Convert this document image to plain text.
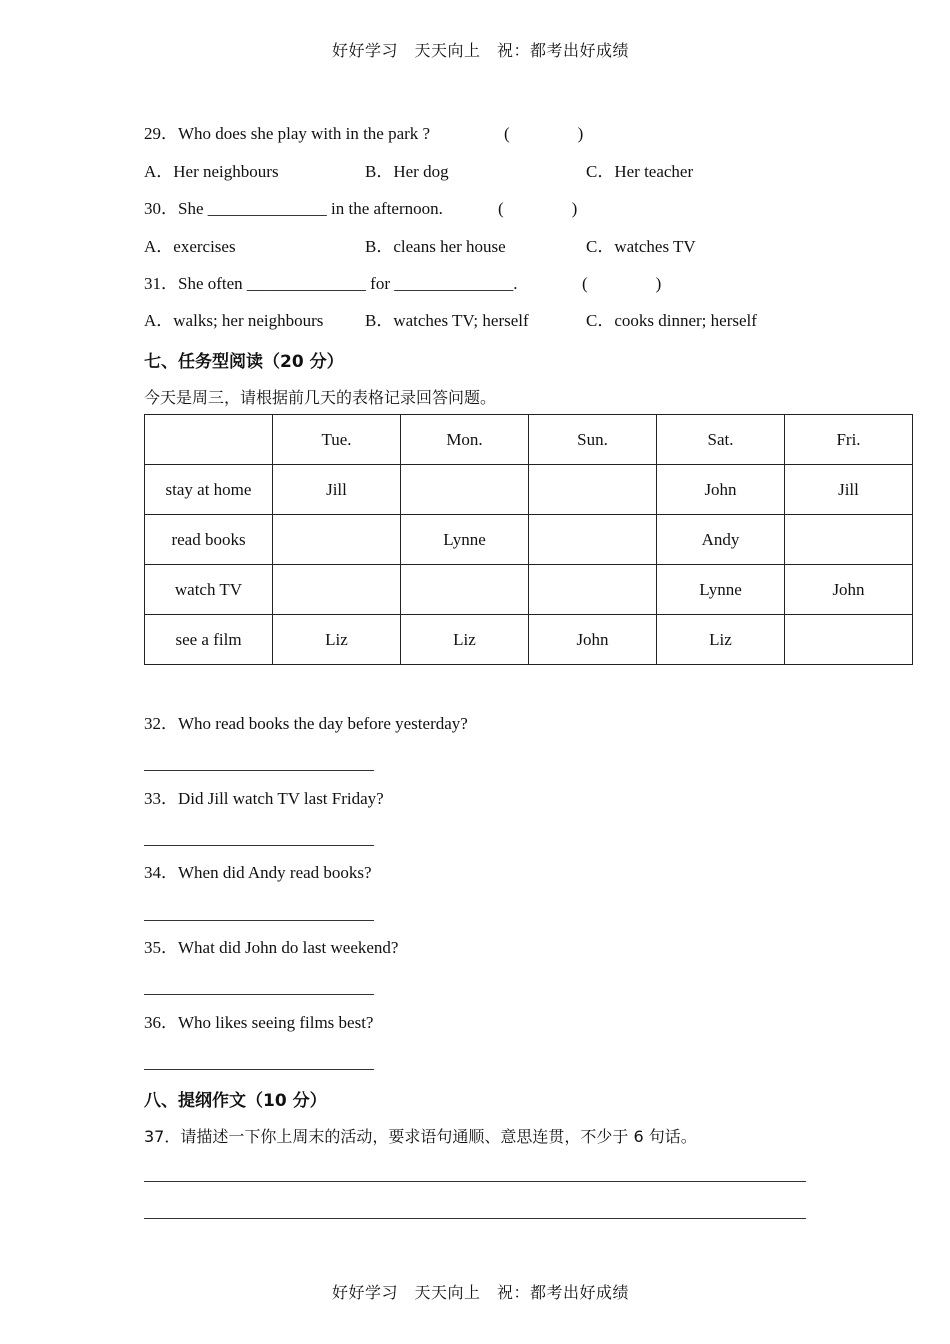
好好学习　天天向上　祝：都考出好成绩
29．Who does she play with in the park ?	(　　　　)
A．Her neighbours	B．Her dog	C．Her teacher
30．She ______________ in the afternoon.	(　　　　)
A．exercises	B．cleans her house	C．watches TV
31．She often ______________ for ______________.	(　　　　)
A．walks; her neighbours B．watches TV; herself	C．cooks dinner; herself
七、任务型阅读（20 分）
今天是周三，请根据前几天的表格记录回答问题。
	Tue.	Mon.	Sun.	Sat.	Fri.
stay at home	Jill			John	Jill
read books		Lynne		Andy	
watch TV				Lynne	John
see a film	Liz	Liz	John	Liz	
32．Who read books the day before yesterday?
33．Did Jill watch TV last Friday?
34．When did Andy read books?
35．What did John do last weekend?
36．Who likes seeing films best?
八、提纲作文（10 分）
37．请描述一下你上周末的活动，要求语句通顺、意思连贯，不少于 6 句话。
好好学习　天天向上　祝：都考出好成绩
